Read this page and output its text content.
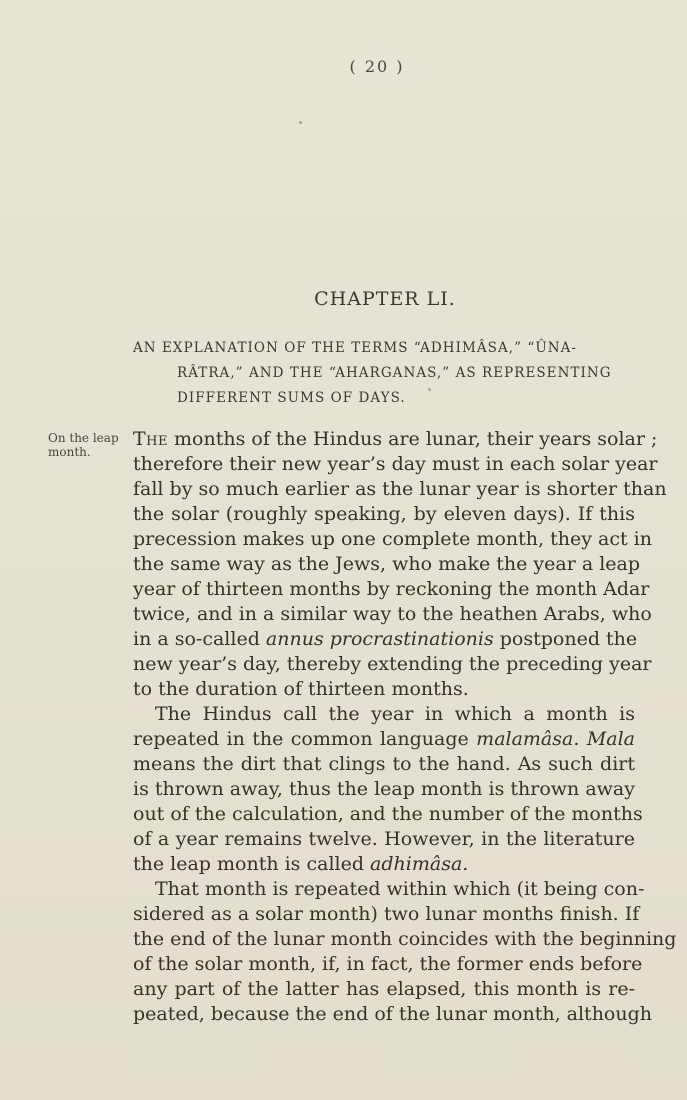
( 20 )
CHAPTER LI.
AN EXPLANATION OF THE TERMS “ADHIMÂSA,” “ÛNA-
RÂTRA,” AND THE “AHARGANAS,” AS REPRESENTING
DIFFERENT SUMS OF DAYS.
On the leap
month.
The months of the Hindus are lunar, their years solar ;
therefore their new year’s day must in each solar year
fall by so much earlier as the lunar year is shorter than
the solar (roughly speaking, by eleven days). If this
precession makes up one complete month, they act in
the same way as the Jews, who make the year a leap
year of thirteen months by reckoning the month Adar
twice, and in a similar way to the heathen Arabs, who
in a so-called annus procrastinationis postponed the
new year’s day, thereby extending the preceding year
to the duration of thirteen months.
The Hindus call the year in which a month is
repeated in the common language malamâsa. Mala
means the dirt that clings to the hand. As such dirt
is thrown away, thus the leap month is thrown away
out of the calculation, and the number of the months
of a year remains twelve. However, in the literature
the leap month is called adhimâsa.
That month is repeated within which (it being con-
sidered as a solar month) two lunar months finish. If
the end of the lunar month coincides with the beginning
of the solar month, if, in fact, the former ends before
any part of the latter has elapsed, this month is re-
peated, because the end of the lunar month, although
